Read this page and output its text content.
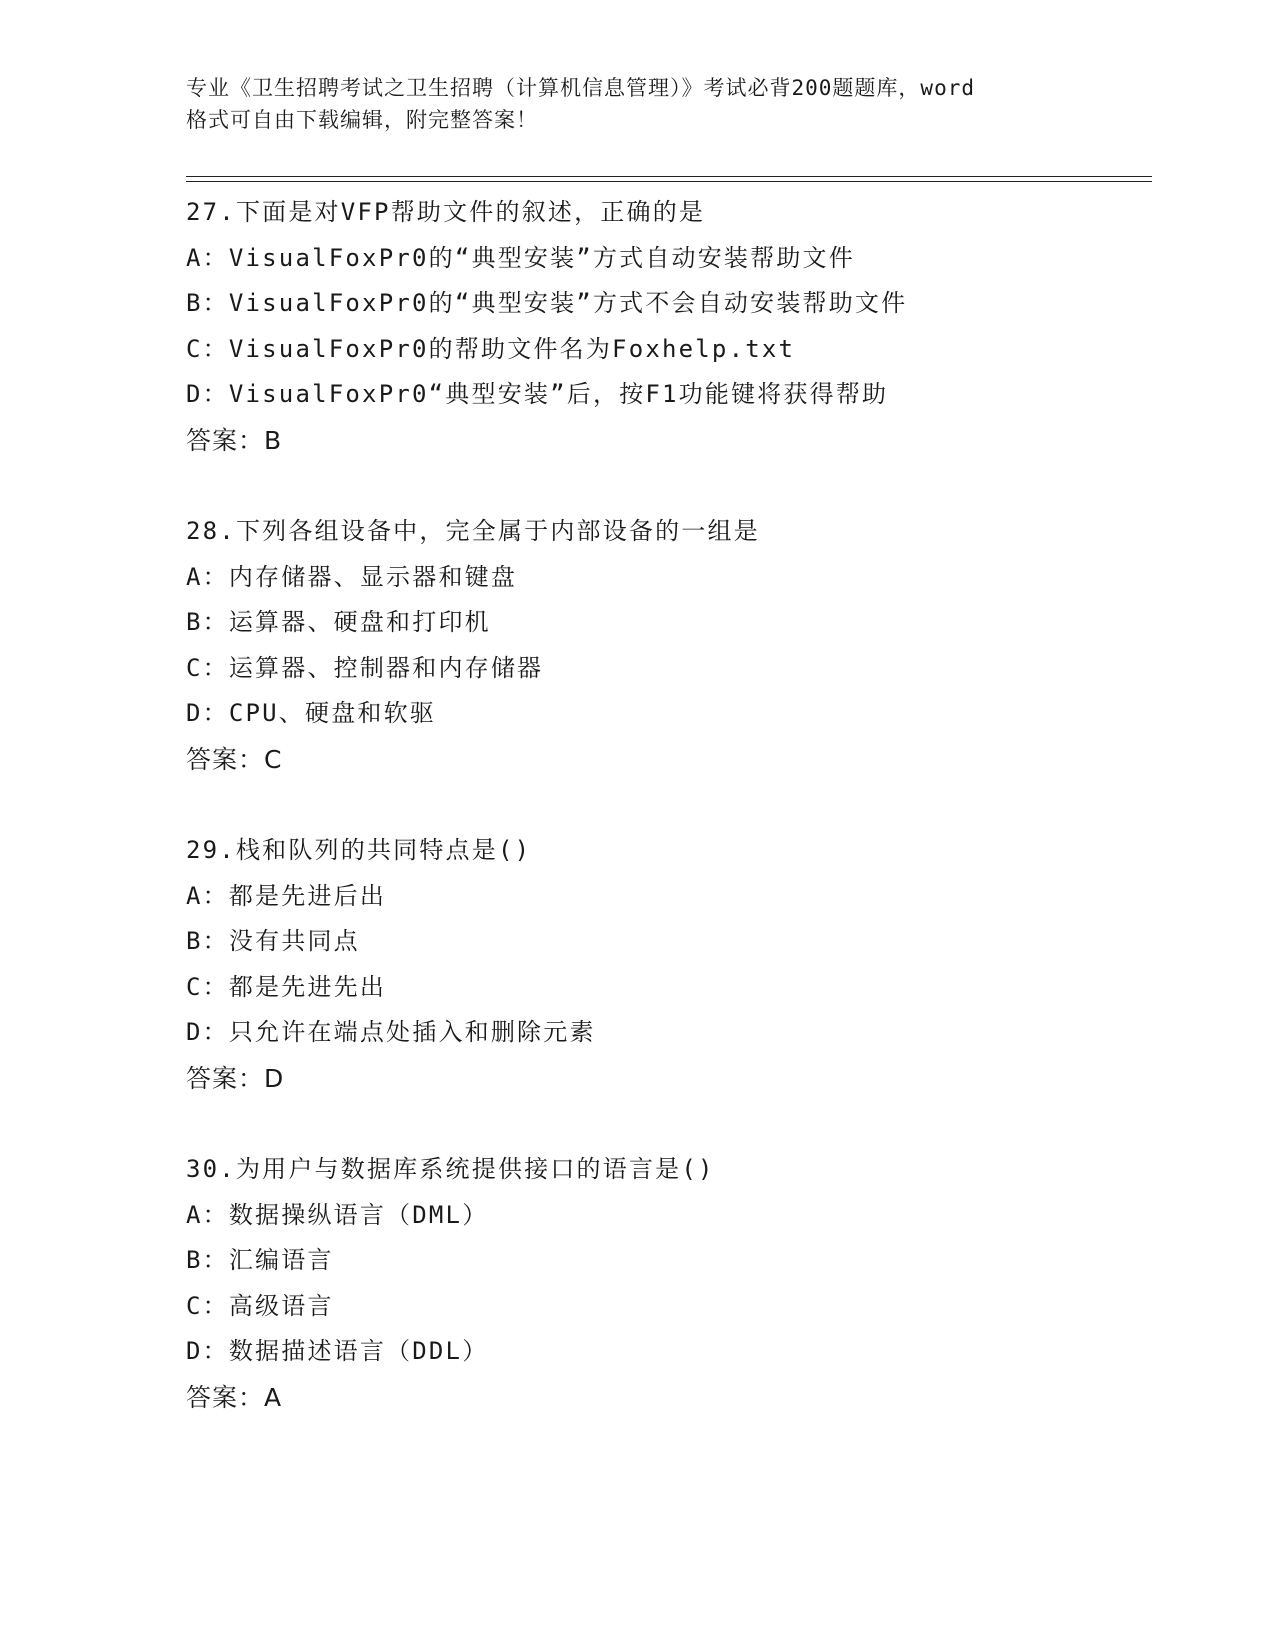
专业《卫生招聘考试之卫生招聘（计算机信息管理）》考试必背200题题库，word
格式可自由下载编辑，附完整答案！
27.下面是对VFP帮助文件的叙述，正确的是
A：VisualFoxPr0的“典型安装”方式自动安装帮助文件
B：VisualFoxPr0的“典型安装”方式不会自动安装帮助文件
C：VisualFoxPr0的帮助文件名为Foxhelp.txt
D：VisualFoxPr0“典型安装”后，按F1功能键将获得帮助
答案：B
28.下列各组设备中，完全属于内部设备的一组是
A：内存储器、显示器和键盘
B：运算器、硬盘和打印机
C：运算器、控制器和内存储器
D：CPU、硬盘和软驱
答案：C
29.栈和队列的共同特点是()
A：都是先进后出
B：没有共同点
C：都是先进先出
D：只允许在端点处插入和删除元素
答案：D
30.为用户与数据库系统提供接口的语言是()
A：数据操纵语言（DML）
B：汇编语言
C：高级语言
D：数据描述语言（DDL）
答案：A
